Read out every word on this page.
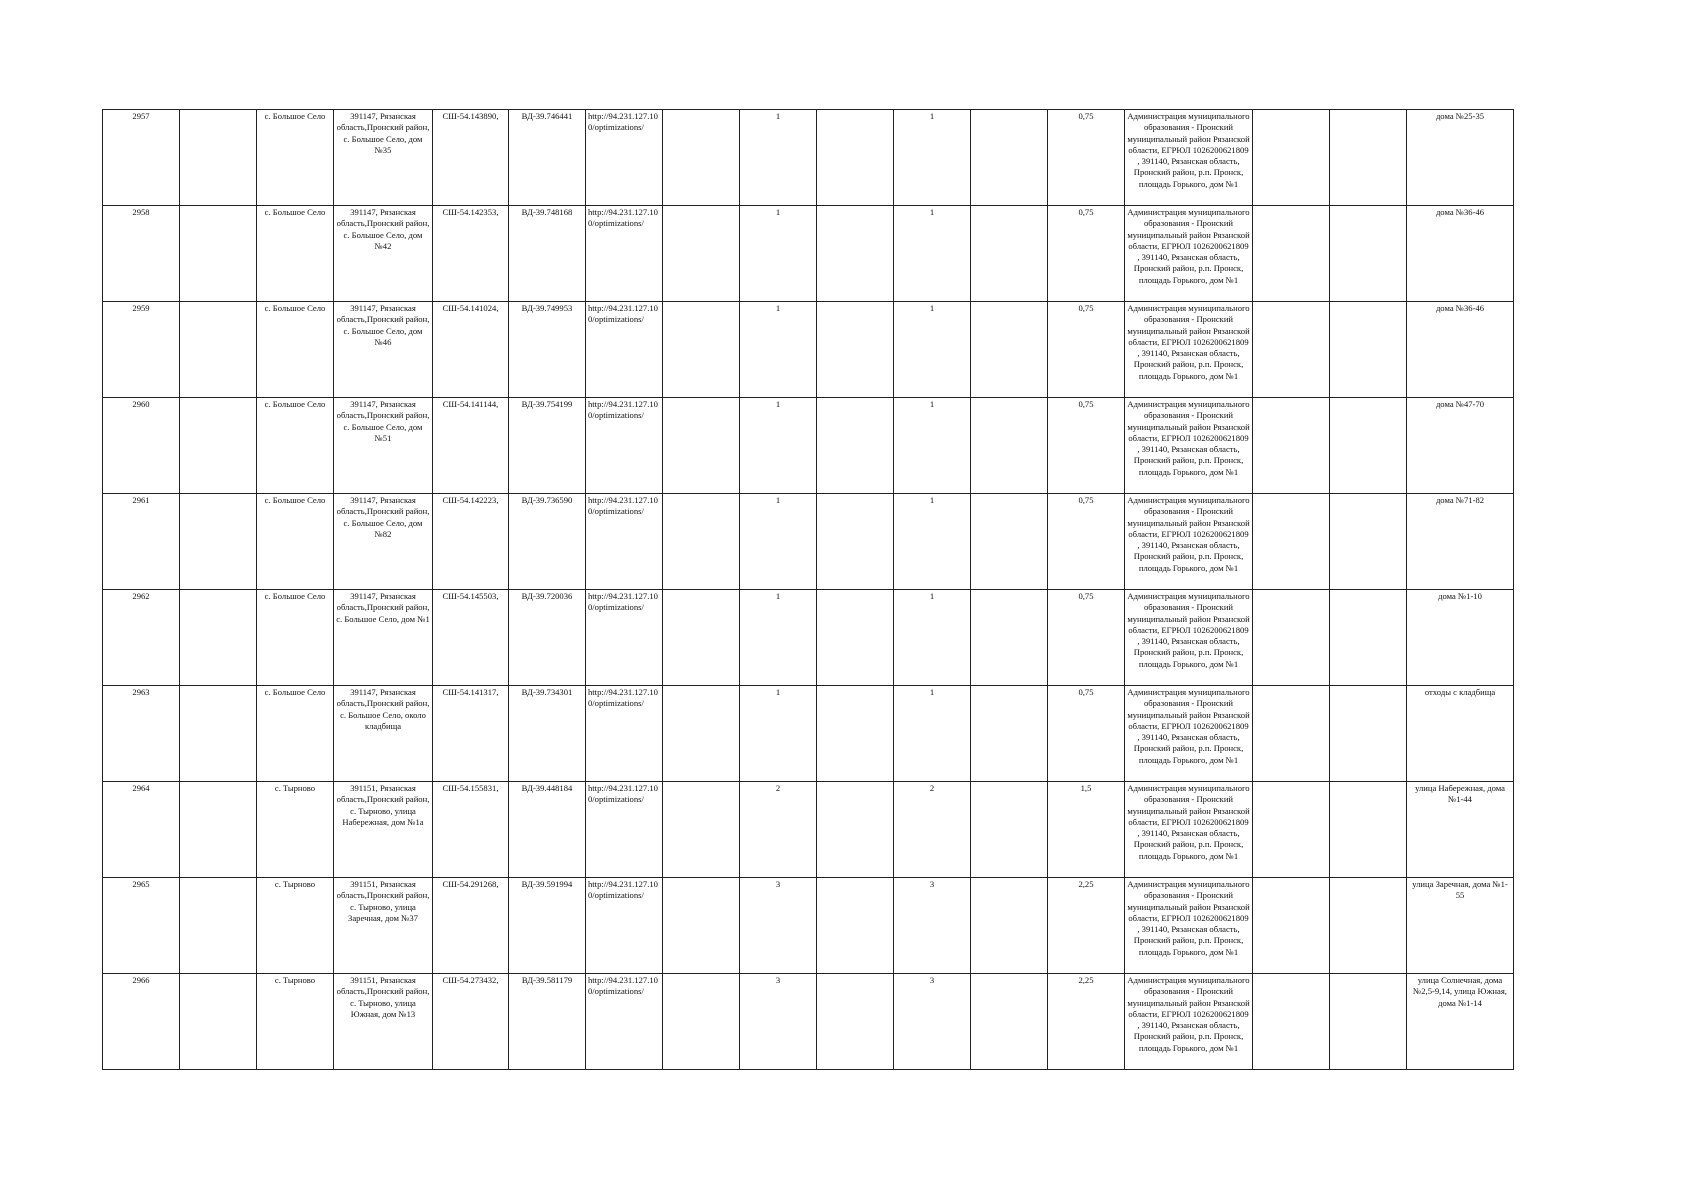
2957		с. Большое Село	391147, Рязанская область,Пронский район, с. Большое Село, дом №35	СШ-54.143890,	ВД-39.746441	http://94.231.127.10 0/optimizations/		1		1		0,75	Администрация муниципального образования - Пронский муниципальный район Рязанской области, ЕГРЮЛ 1026200621809 , 391140, Рязанская область, Пронский район, р.п. Пронск, площадь Горького, дом №1			дома №25-35
2958		с. Большое Село	391147, Рязанская область,Пронский район, с. Большое Село, дом №42	СШ-54.142353,	ВД-39.748168	http://94.231.127.10 0/optimizations/		1		1		0,75	Администрация муниципального образования - Пронский муниципальный район Рязанской области, ЕГРЮЛ 1026200621809 , 391140, Рязанская область, Пронский район, р.п. Пронск, площадь Горького, дом №1			дома №36-46
2959		с. Большое Село	391147, Рязанская область,Пронский район, с. Большое Село, дом №46	СШ-54.141024,	ВД-39.749953	http://94.231.127.10 0/optimizations/		1		1		0,75	Администрация муниципального образования - Пронский муниципальный район Рязанской области, ЕГРЮЛ 1026200621809 , 391140, Рязанская область, Пронский район, р.п. Пронск, площадь Горького, дом №1			дома №36-46
2960		с. Большое Село	391147, Рязанская область,Пронский район, с. Большое Село, дом №51	СШ-54.141144,	ВД-39.754199	http://94.231.127.10 0/optimizations/		1		1		0,75	Администрация муниципального образования - Пронский муниципальный район Рязанской области, ЕГРЮЛ 1026200621809 , 391140, Рязанская область, Пронский район, р.п. Пронск, площадь Горького, дом №1			дома №47-70
2961		с. Большое Село	391147, Рязанская область,Пронский район, с. Большое Село, дом №82	СШ-54.142223,	ВД-39.736590	http://94.231.127.10 0/optimizations/		1		1		0,75	Администрация муниципального образования - Пронский муниципальный район Рязанской области, ЕГРЮЛ 1026200621809 , 391140, Рязанская область, Пронский район, р.п. Пронск, площадь Горького, дом №1			дома №71-82
2962		с. Большое Село	391147, Рязанская область,Пронский район, с. Большое Село, дом №1	СШ-54.145503,	ВД-39.720036	http://94.231.127.10 0/optimizations/		1		1		0,75	Администрация муниципального образования - Пронский муниципальный район Рязанской области, ЕГРЮЛ 1026200621809 , 391140, Рязанская область, Пронский район, р.п. Пронск, площадь Горького, дом №1			дома №1-10
2963		с. Большое Село	391147, Рязанская область,Пронский район, с. Большое Село, около кладбища	СШ-54.141317,	ВД-39.734301	http://94.231.127.10 0/optimizations/		1		1		0,75	Администрация муниципального образования - Пронский муниципальный район Рязанской области, ЕГРЮЛ 1026200621809 , 391140, Рязанская область, Пронский район, р.п. Пронск, площадь Горького, дом №1			отходы с кладбища
2964		с. Тырново	391151, Рязанская область,Пронский район, с. Тырново, улица Набережная, дом №1а	СШ-54.155831,	ВД-39.448184	http://94.231.127.10 0/optimizations/		2		2		1,5	Администрация муниципального образования - Пронский муниципальный район Рязанской области, ЕГРЮЛ 1026200621809 , 391140, Рязанская область, Пронский район, р.п. Пронск, площадь Горького, дом №1			улица Набережная, дома №1-44
2965		с. Тырново	391151, Рязанская область,Пронский район, с. Тырново, улица Заречная, дом №37	СШ-54.291268,	ВД-39.591994	http://94.231.127.10 0/optimizations/		3		3		2,25	Администрация муниципального образования - Пронский муниципальный район Рязанской области, ЕГРЮЛ 1026200621809 , 391140, Рязанская область, Пронский район, р.п. Пронск, площадь Горького, дом №1			улица Заречная, дома №1-55
2966		с. Тырново	391151, Рязанская область,Пронский район, с. Тырново, улица Южная, дом №13	СШ-54.273432,	ВД-39.581179	http://94.231.127.10 0/optimizations/		3		3		2,25	Администрация муниципального образования - Пронский муниципальный район Рязанской области, ЕГРЮЛ 1026200621809 , 391140, Рязанская область, Пронский район, р.п. Пронск, площадь Горького, дом №1			улица Солнечная, дома №2,5-9,14, улица Южная, дома №1-14
